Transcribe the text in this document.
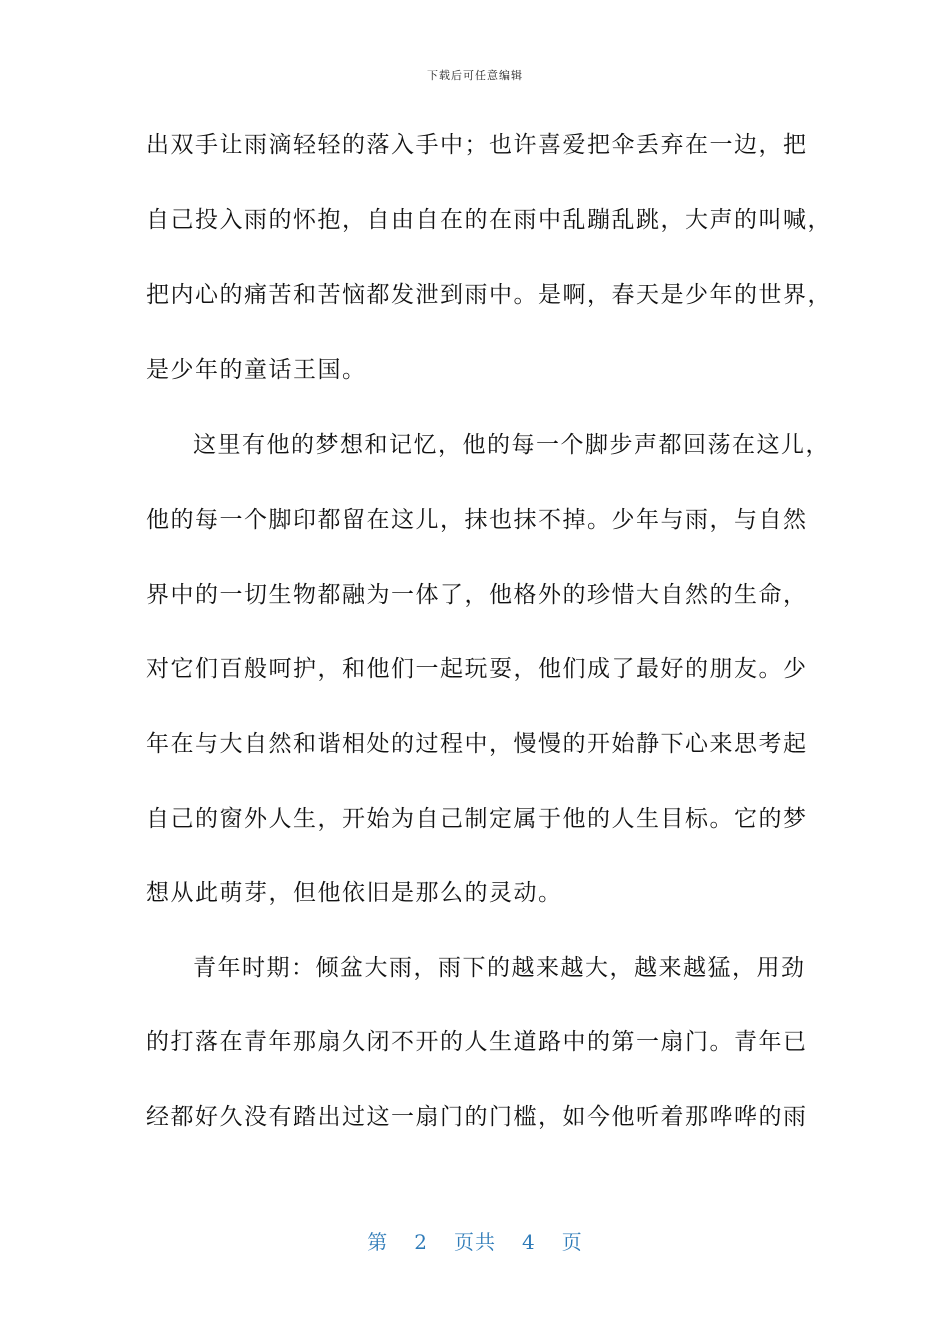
下载后可任意编辑
出双手让雨滴轻轻的落入手中；也许喜爱把伞丢弃在一边，把
自己投入雨的怀抱，自由自在的在雨中乱蹦乱跳，大声的叫喊，
把内心的痛苦和苦恼都发泄到雨中。是啊，春天是少年的世界，
是少年的童话王国。
这里有他的梦想和记忆，他的每一个脚步声都回荡在这儿，
他的每一个脚印都留在这儿，抹也抹不掉。少年与雨，与自然
界中的一切生物都融为一体了，他格外的珍惜大自然的生命，
对它们百般呵护，和他们一起玩耍，他们成了最好的朋友。少
年在与大自然和谐相处的过程中，慢慢的开始静下心来思考起
自己的窗外人生，开始为自己制定属于他的人生目标。它的梦
想从此萌芽，但他依旧是那么的灵动。
青年时期：倾盆大雨，雨下的越来越大，越来越猛，用劲
的打落在青年那扇久闭不开的人生道路中的第一扇门。青年已
经都好久没有踏出过这一扇门的门槛，如今他听着那哗哗的雨
第 2 页共 4 页
